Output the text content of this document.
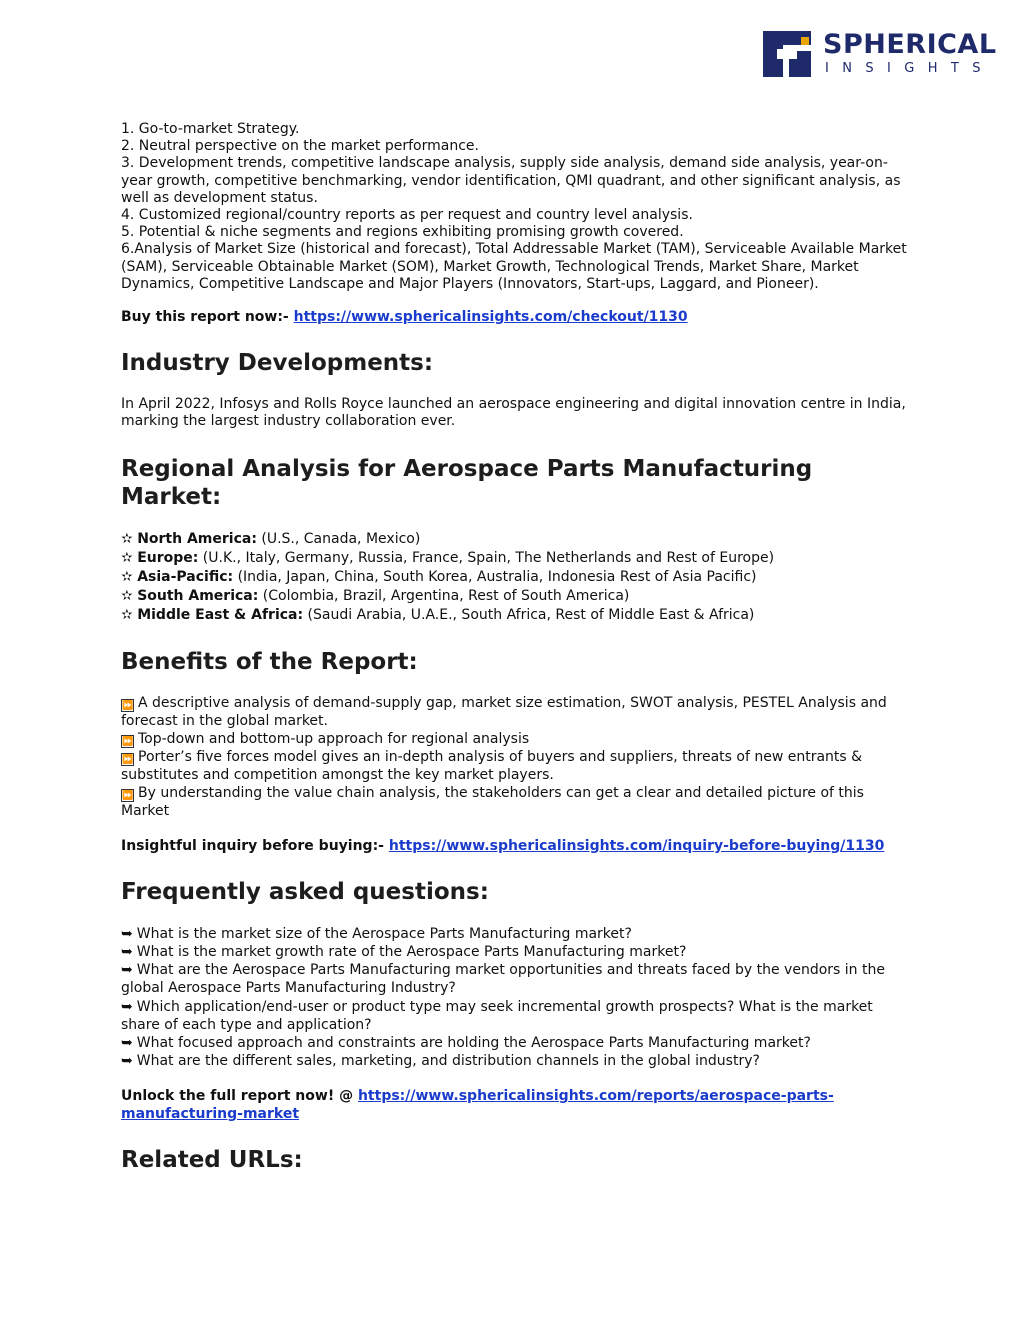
SPHERICAL
INSIGHTS

1. Go-to-market Strategy.

2. Neutral perspective on the market performance.

3. Development trends, competitive landscape analysis, supply side analysis, demand side analysis, year-on-year growth, competitive benchmarking, vendor identification, QMI quadrant, and other significant analysis, as well as development status.

4. Customized regional/country reports as per request and country level analysis.

5. Potential & niche segments and regions exhibiting promising growth covered.

6.Analysis of Market Size (historical and forecast), Total Addressable Market (TAM), Serviceable Available Market (SAM), Serviceable Obtainable Market (SOM), Market Growth, Technological Trends, Market Share, Market Dynamics, Competitive Landscape and Major Players (Innovators, Start-ups, Laggard, and Pioneer).

Buy this report now:- https://www.sphericalinsights.com/checkout/1130

Industry Developments:

In April 2022, Infosys and Rolls Royce launched an aerospace engineering and digital innovation centre in India, marking the largest industry collaboration ever.

Regional Analysis for Aerospace Parts Manufacturing Market:

✫ North America: (U.S., Canada, Mexico)

✫ Europe: (U.K., Italy, Germany, Russia, France, Spain, The Netherlands and Rest of Europe)

✫ Asia-Pacific: (India, Japan, China, South Korea, Australia, Indonesia Rest of Asia Pacific)

✫ South America: (Colombia, Brazil, Argentina, Rest of South America)

✫ Middle East & Africa: (Saudi Arabia, U.A.E., South Africa, Rest of Middle East & Africa)

Benefits of the Report:

⏩ A descriptive analysis of demand-supply gap, market size estimation, SWOT analysis, PESTEL Analysis and forecast in the global market.

⏩ Top-down and bottom-up approach for regional analysis

⏩ Porter’s five forces model gives an in-depth analysis of buyers and suppliers, threats of new entrants & substitutes and competition amongst the key market players.

⏩ By understanding the value chain analysis, the stakeholders can get a clear and detailed picture of this Market

Insightful inquiry before buying:- https://www.sphericalinsights.com/inquiry-before-buying/1130

Frequently asked questions:

➥ What is the market size of the Aerospace Parts Manufacturing market?

➥ What is the market growth rate of the Aerospace Parts Manufacturing market?

➥ What are the Aerospace Parts Manufacturing market opportunities and threats faced by the vendors in the global Aerospace Parts Manufacturing Industry?

➥ Which application/end-user or product type may seek incremental growth prospects? What is the market share of each type and application?

➥ What focused approach and constraints are holding the Aerospace Parts Manufacturing market?

➥ What are the different sales, marketing, and distribution channels in the global industry?

Unlock the full report now! @ https://www.sphericalinsights.com/reports/aerospace-parts-manufacturing-market

Related URLs:
